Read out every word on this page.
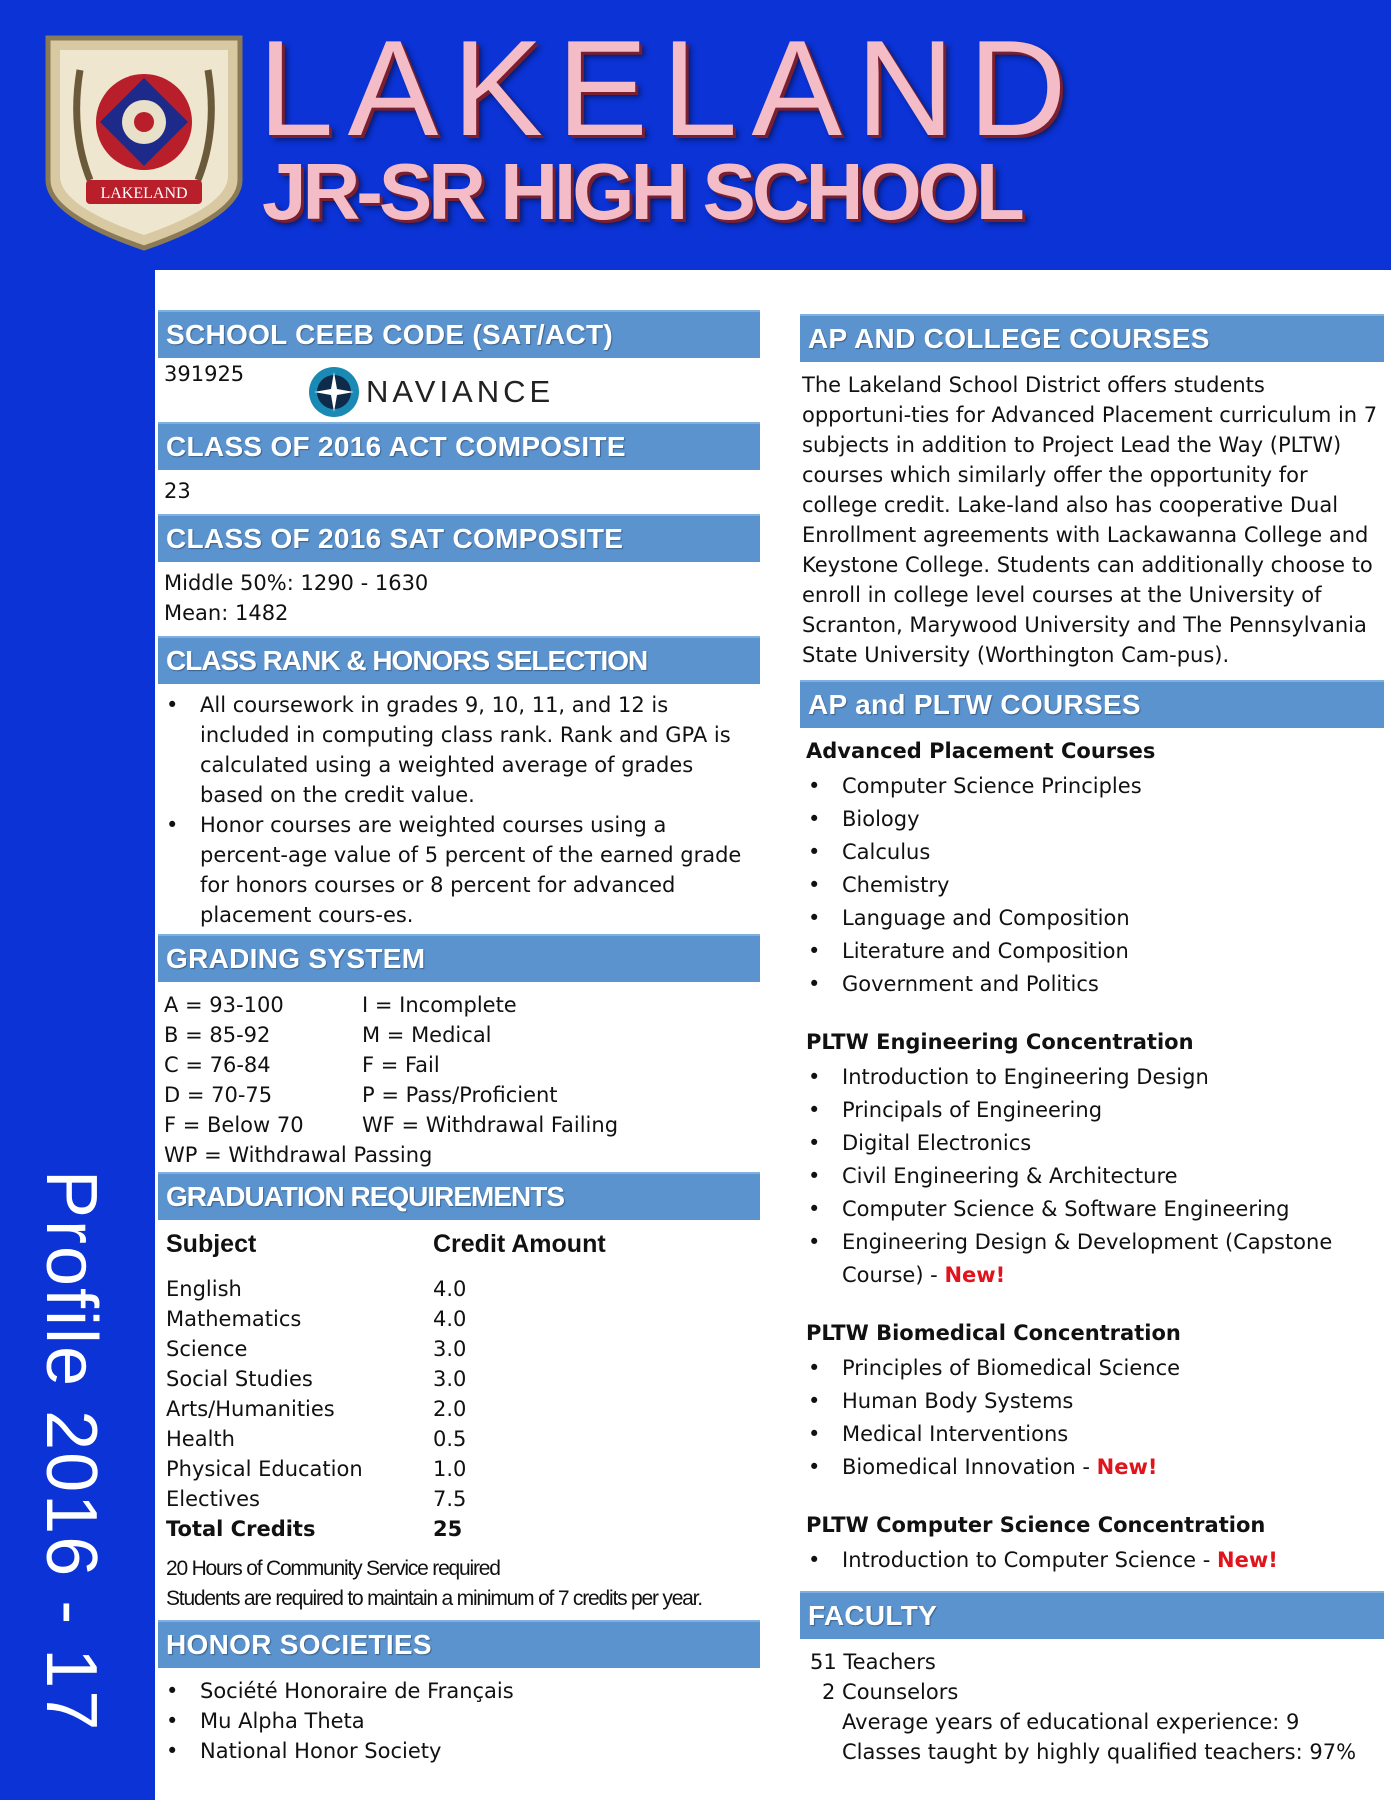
LAKELAND
LAKELAND
JR-SR HIGH SCHOOL
Profile 2016 - 17
SCHOOL CEEB CODE (SAT/ACT)
391925	NAVIANCE
CLASS OF 2016 ACT COMPOSITE
23
CLASS OF 2016 SAT COMPOSITE
Middle 50%: 1290 - 1630
Mean: 1482
CLASS RANK & HONORS SELECTION
• All coursework in grades 9, 10, 11, and 12 is included in computing class rank. Rank and GPA is calculated using a weighted average of grades based on the credit value.
• Honor courses are weighted courses using a percent-age value of 5 percent of the earned grade for honors courses or 8 percent for advanced placement cours-es.
GRADING SYSTEM
A = 93-100	I = Incomplete
B = 85-92	M = Medical
C = 76-84	F = Fail
D = 70-75	P = Pass/Proficient
F = Below 70	WF = Withdrawal Failing
WP = Withdrawal Passing
GRADUATION REQUIREMENTS
Subject	Credit Amount
English	4.0
Mathematics	4.0
Science	3.0
Social Studies	3.0
Arts/Humanities	2.0
Health	0.5
Physical Education	1.0
Electives	7.5
Total Credits	25
20 Hours of Community Service required
Students are required to maintain a minimum of 7 credits per year.
HONOR SOCIETIES
• Société Honoraire de Français
• Mu Alpha Theta
• National Honor Society
AP AND COLLEGE COURSES
The Lakeland School District offers students opportuni-ties for Advanced Placement curriculum in 7 subjects in addition to Project Lead the Way (PLTW) courses which similarly offer the opportunity for college credit. Lake-land also has cooperative Dual Enrollment agreements with Lackawanna College and Keystone College. Students can additionally choose to enroll in college level courses at the University of Scranton, Marywood University and The Pennsylvania State University (Worthington Cam-pus).
AP and PLTW COURSES
Advanced Placement Courses
• Computer Science Principles
• Biology
• Calculus
• Chemistry
• Language and Composition
• Literature and Composition
• Government and Politics
PLTW Engineering Concentration
• Introduction to Engineering Design
• Principals of Engineering
• Digital Electronics
• Civil Engineering & Architecture
• Computer Science & Software Engineering
• Engineering Design & Development (Capstone Course) - New!
PLTW Biomedical Concentration
• Principles of Biomedical Science
• Human Body Systems
• Medical Interventions
• Biomedical Innovation - New!
PLTW Computer Science Concentration
• Introduction to Computer Science - New!
FACULTY
51 Teachers
2 Counselors
Average years of educational experience: 9
Classes taught by highly qualified teachers: 97%
